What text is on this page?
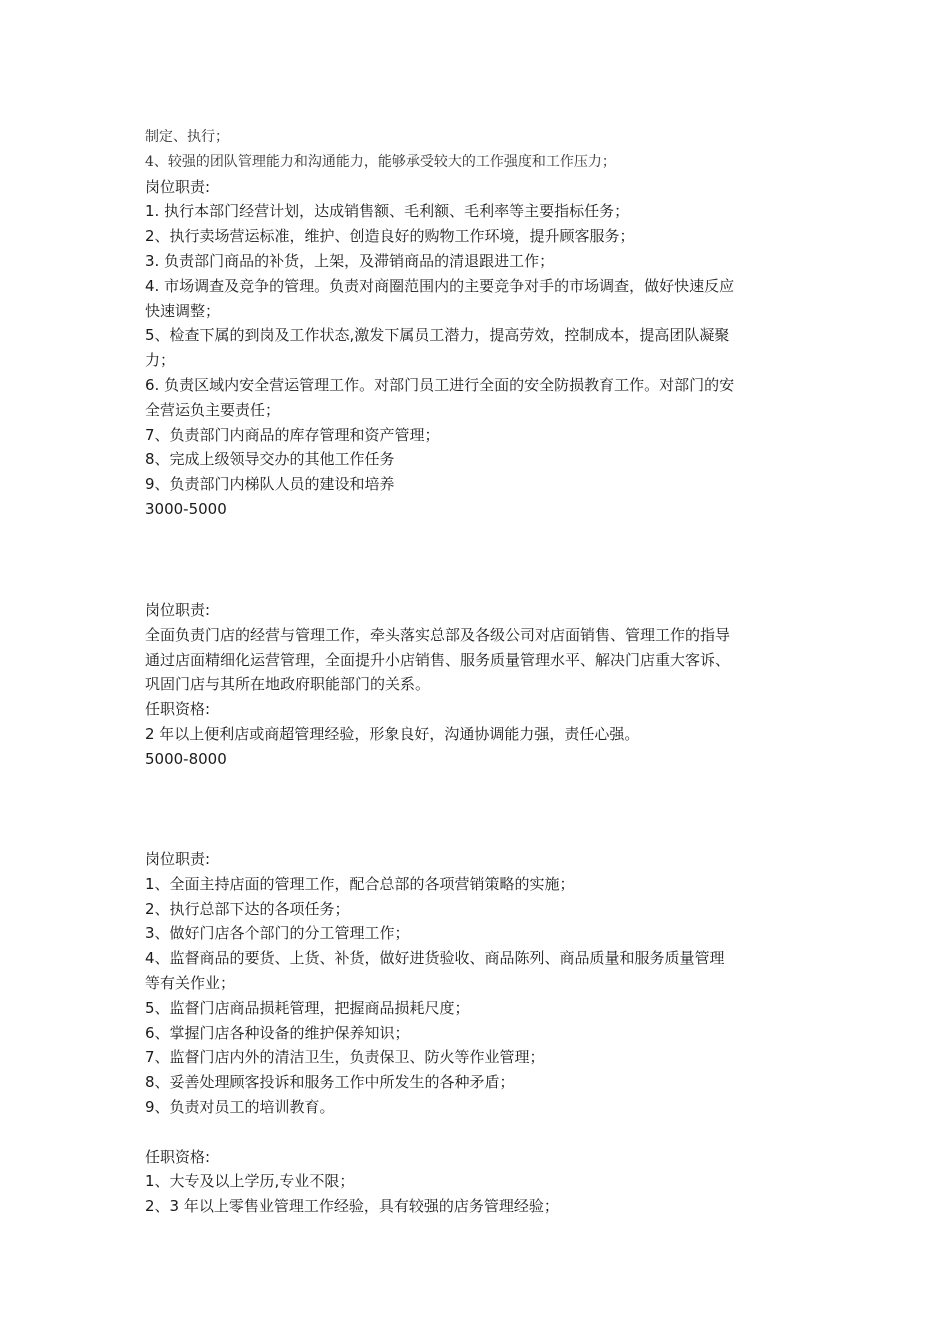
制定、执行；
4、较强的团队管理能力和沟通能力，能够承受较大的工作强度和工作压力；
岗位职责:
1. 执行本部门经营计划，达成销售额、毛利额、毛利率等主要指标任务；
2、执行卖场营运标准，维护、创造良好的购物工作环境，提升顾客服务；
3. 负责部门商品的补货，上架，及滞销商品的清退跟进工作；
4. 市场调查及竞争的管理。负责对商圈范围内的主要竞争对手的市场调查，做好快速反应
快速调整；
5、检查下属的到岗及工作状态,激发下属员工潜力，提高劳效，控制成本，提高团队凝聚
力；
6. 负责区域内安全营运管理工作。对部门员工进行全面的安全防损教育工作。对部门的安
全营运负主要责任；
7、负责部门内商品的库存管理和资产管理；
8、完成上级领导交办的其他工作任务
9、负责部门内梯队人员的建设和培养
3000-5000
岗位职责:
全面负责门店的经营与管理工作，牵头落实总部及各级公司对店面销售、管理工作的指导
通过店面精细化运营管理，全面提升小店销售、服务质量管理水平、解决门店重大客诉、
巩固门店与其所在地政府职能部门的关系。
任职资格:
2 年以上便利店或商超管理经验，形象良好，沟通协调能力强，责任心强。
5000-8000
岗位职责:
1、全面主持店面的管理工作，配合总部的各项营销策略的实施；
2、执行总部下达的各项任务；
3、做好门店各个部门的分工管理工作；
4、监督商品的要货、上货、补货，做好进货验收、商品陈列、商品质量和服务质量管理
等有关作业；
5、监督门店商品损耗管理，把握商品损耗尺度；
6、掌握门店各种设备的维护保养知识；
7、监督门店内外的清洁卫生，负责保卫、防火等作业管理；
8、妥善处理顾客投诉和服务工作中所发生的各种矛盾；
9、负责对员工的培训教育。
任职资格:
1、大专及以上学历,专业不限；
2、3 年以上零售业管理工作经验，具有较强的店务管理经验；
